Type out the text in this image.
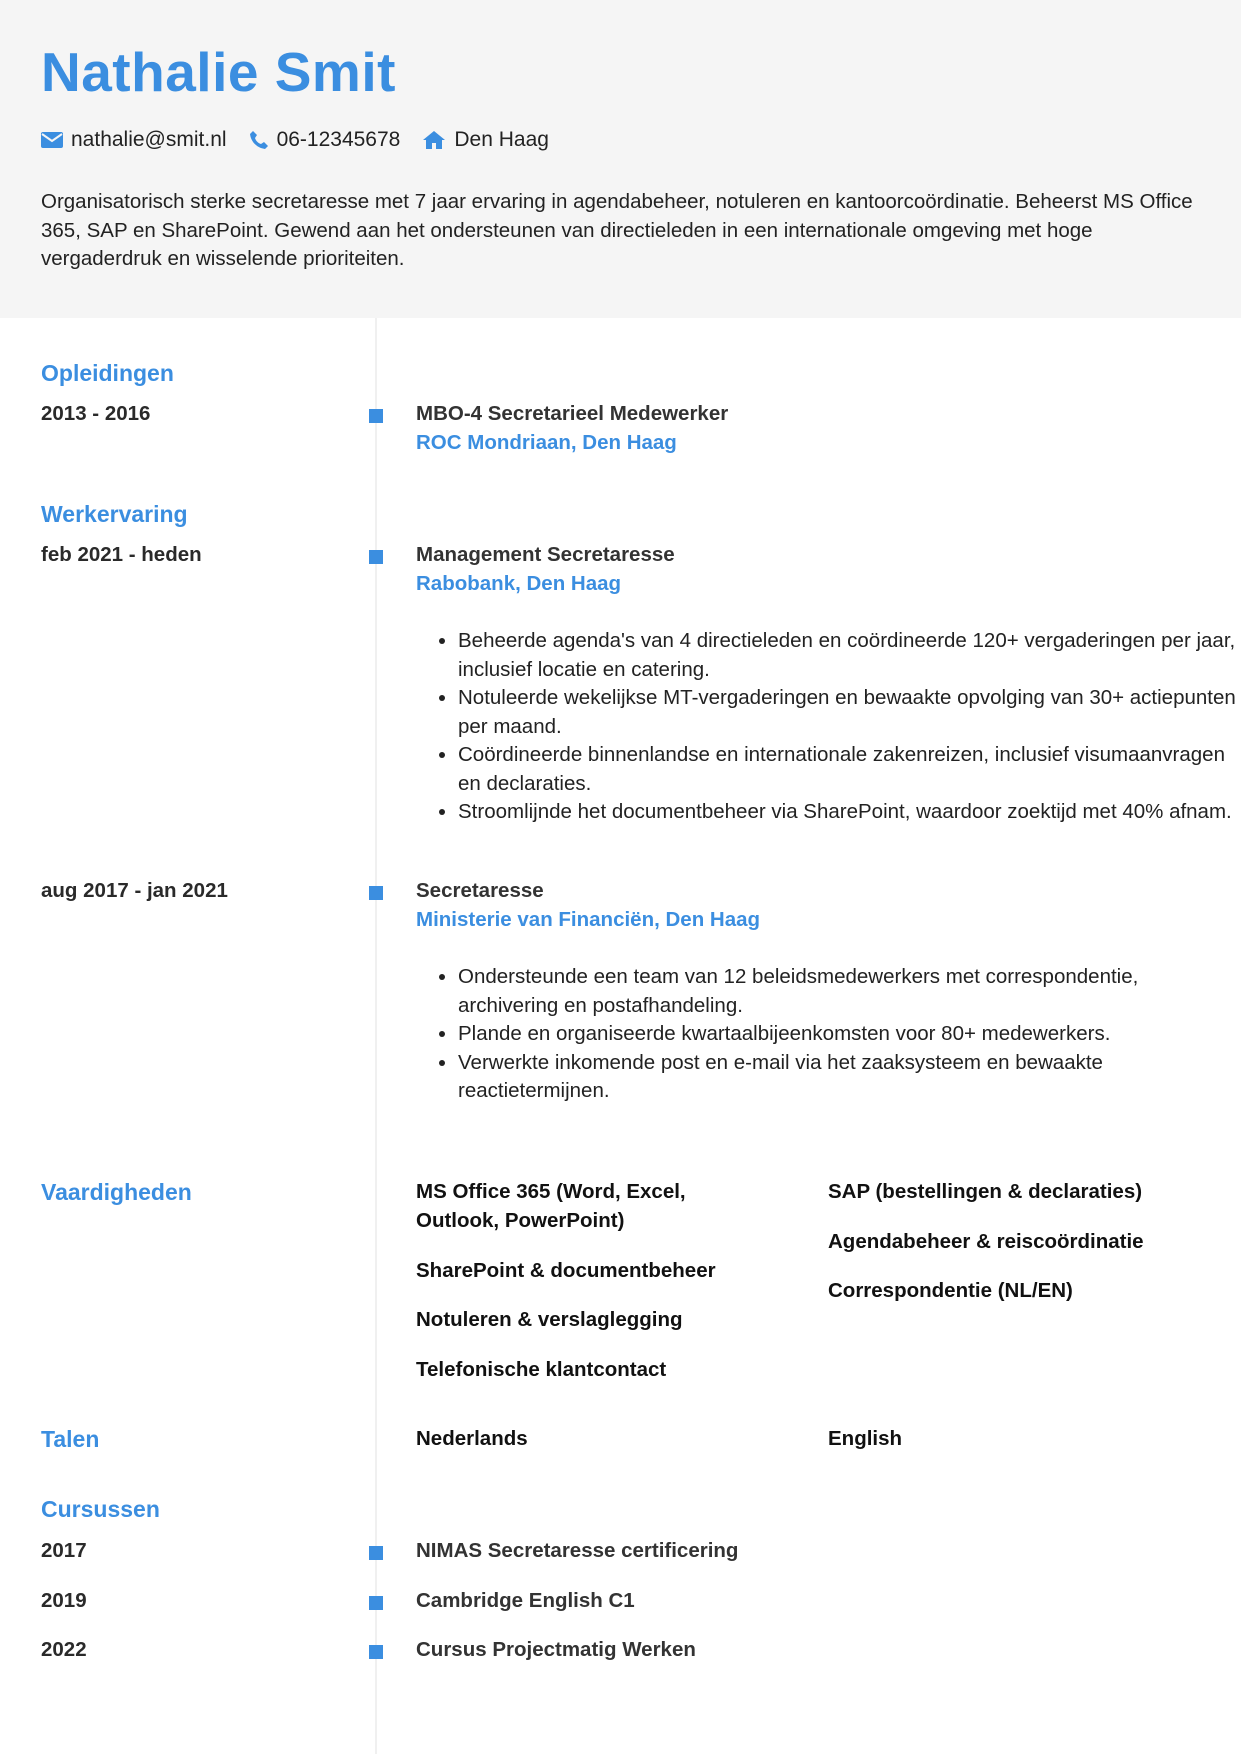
Nathalie Smit
nathalie@smit.nl 06-12345678	Den Haag
Organisatorisch sterke secretaresse met 7 jaar ervaring in agendabeheer, notuleren en kantoorcoördinatie. Beheerst MS Office 365, SAP en SharePoint. Gewend aan het ondersteunen van directieleden in een internationale omgeving met hoge vergaderdruk en wisselende prioriteiten.
Opleidingen
2013 - 2016	MBO-4 Secretarieel Medewerker
ROC Mondriaan, Den Haag
Werkervaring
feb 2021 - heden	Management Secretaresse
Rabobank, Den Haag
• Beheerde agenda's van 4 directieleden en coördineerde 120+ vergaderingen per jaar, inclusief locatie en catering.
• Notuleerde wekelijkse MT-vergaderingen en bewaakte opvolging van 30+ actiepunten per maand.
• Coördineerde binnenlandse en internationale zakenreizen, inclusief visumaanvragen en declaraties.
• Stroomlijnde het documentbeheer via SharePoint, waardoor zoektijd met 40% afnam.
aug 2017 - jan 2021	Secretaresse
Ministerie van Financiën, Den Haag
• Ondersteunde een team van 12 beleidsmedewerkers met correspondentie, archivering en postafhandeling.
• Plande en organiseerde kwartaalbijeenkomsten voor 80+ medewerkers.
• Verwerkte inkomende post en e-mail via het zaaksysteem en bewaakte reactietermijnen.
Vaardigheden	MS Office 365 (Word, Excel, Outlook, PowerPoint)
SharePoint & documentbeheer
Notuleren & verslaglegging
Telefonische klantcontact
SAP (bestellingen & declaraties)
Agendabeheer & reiscoördinatie
Correspondentie (NL/EN)
Talen	Nederlands	English
Cursussen
2017	NIMAS Secretaresse certificering
2019	Cambridge English C1
2022	Cursus Projectmatig Werken
